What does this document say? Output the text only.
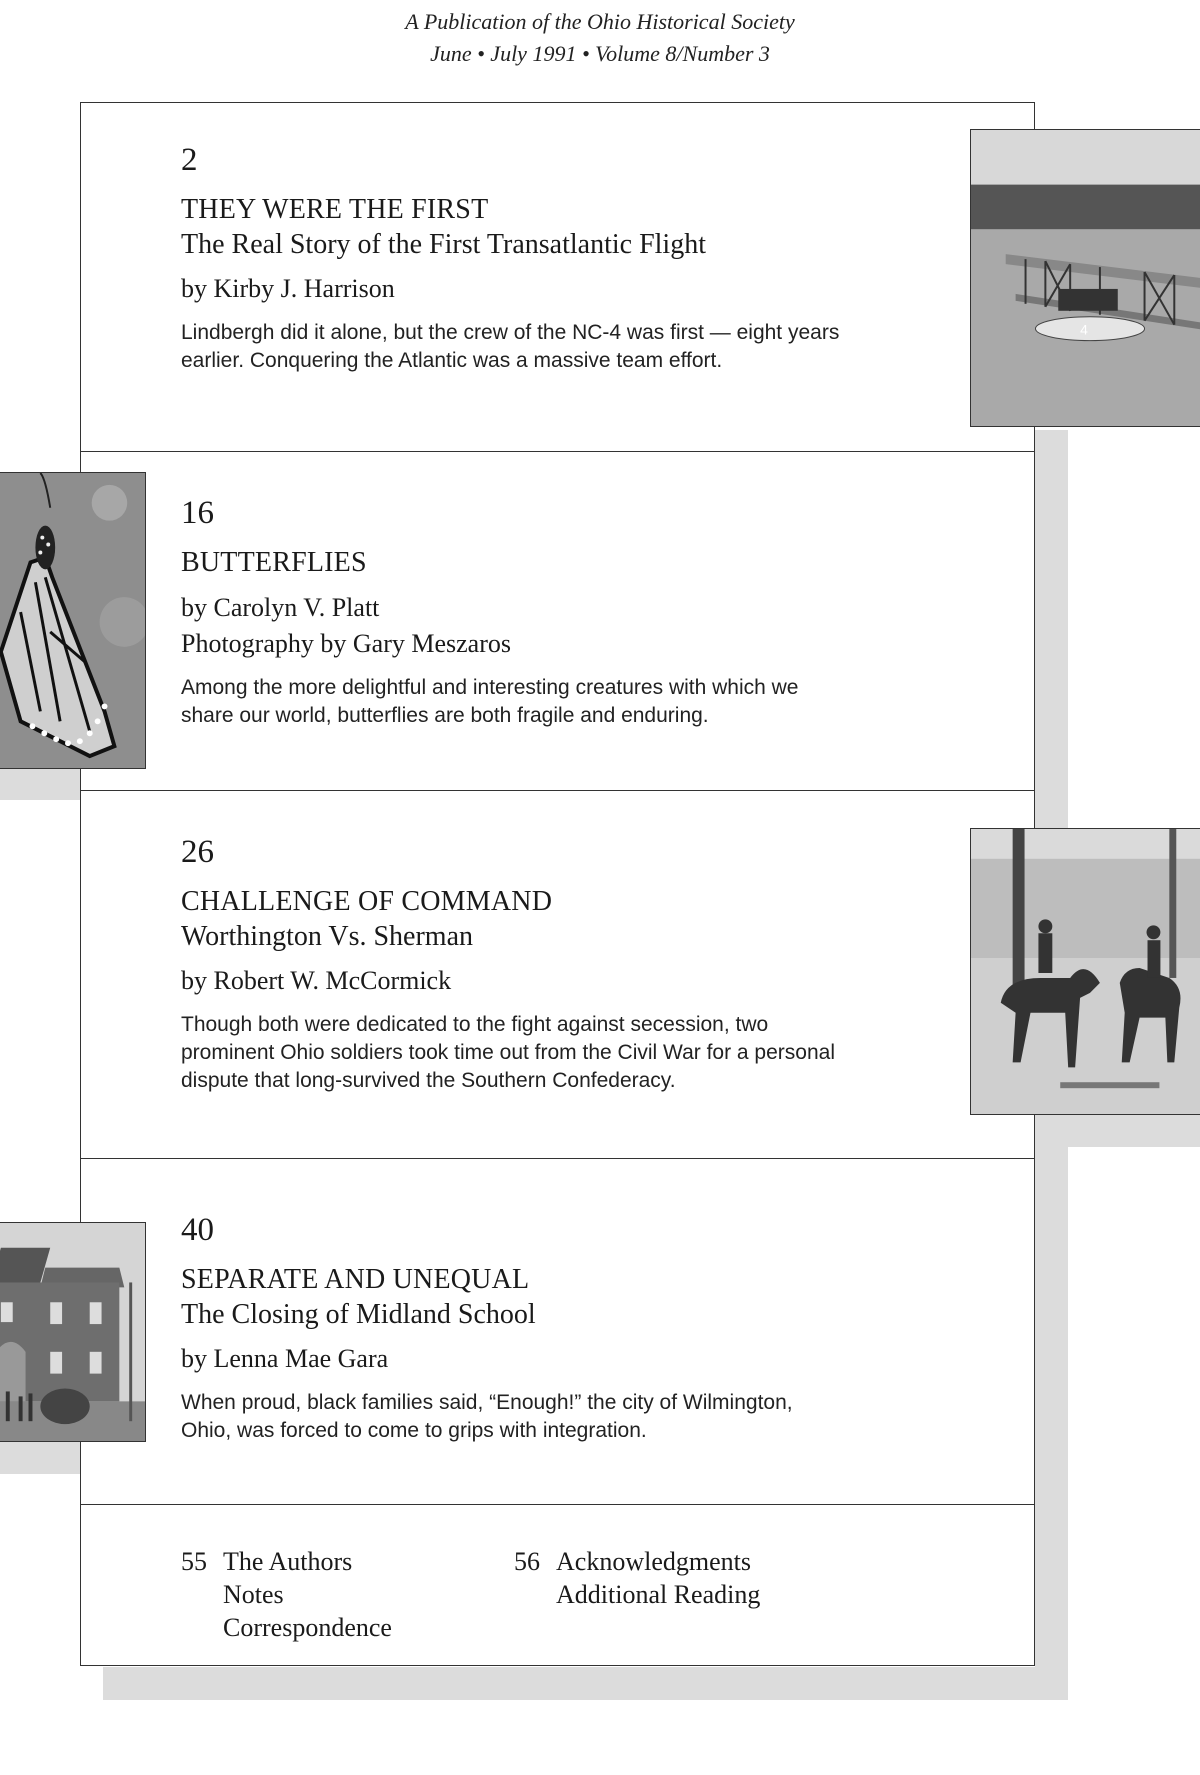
A Publication of the Ohio Historical Society
June • July 1991 • Volume 8/Number 3

2

THEY WERE THE FIRST

The Real Story of the First Transatlantic Flight

by Kirby J. Harrison

Lindbergh did it alone, but the crew of the NC-4 was first — eight years
earlier. Conquering the Atlantic was a massive team effort.

16

BUTTERFLIES

by Carolyn V. Platt

Photography by Gary Meszaros

Among the more delightful and interesting creatures with which we
share our world, butterflies are both fragile and enduring.

26

CHALLENGE OF COMMAND

Worthington Vs. Sherman

by Robert W. McCormick

Though both were dedicated to the fight against secession, two
prominent Ohio soldiers took time out from the Civil War for a personal
dispute that long-survived the Southern Confederacy.

40

SEPARATE AND UNEQUAL

The Closing of Midland School

by Lenna Mae Gara

When proud, black families said, “Enough!” the city of Wilmington,
Ohio, was forced to come to grips with integration.

55 The Authors
Notes
Correspondence
56 Acknowledgments
Additional Reading
4
